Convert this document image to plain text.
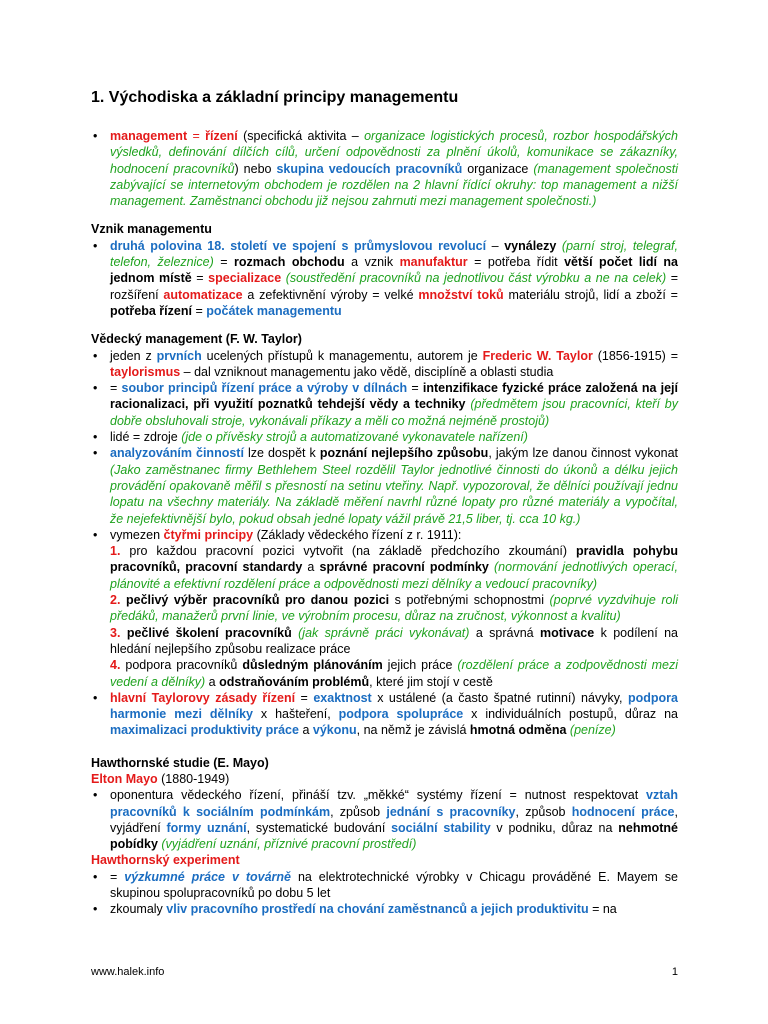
1. Východiska a základní principy managementu
• management = řízení (specifická aktivita – organizace logistických procesů, rozbor hospodářských výsledků, definování dílčích cílů, určení odpovědnosti za plnění úkolů, komunikace se zákazníky, hodnocení pracovníků) nebo skupina vedoucích pracovníků organizace (management společnosti zabývající se internetovým obchodem je rozdělen na 2 hlavní řídící okruhy: top management a nižší management. Zaměstnanci obchodu již nejsou zahrnuti mezi management společnosti.)

Vznik managementu

• druhá polovina 18. století ve spojení s průmyslovou revolucí – vynálezy (parní stroj, telegraf, telefon, železnice) = rozmach obchodu a vznik manufaktur = potřeba řídit větší počet lidí na jednom místě = specializace (soustředění pracovníků na jednotlivou část výrobku a ne na celek) = rozšíření automatizace a zefektivnění výroby = velké množství toků materiálu strojů, lidí a zboží = potřeba řízení = počátek managementu

Vědecký management (F. W. Taylor)

• jeden z prvních ucelených přístupů k managementu, autorem je Frederic W. Taylor (1856-1915) = taylorismus – dal vzniknout managementu jako vědě, disciplíně a oblasti studia
• = soubor principů řízení práce a výroby v dílnách = intenzifikace fyzické práce založená na její racionalizaci, při využití poznatků tehdejší vědy a techniky (předmětem jsou pracovníci, kteří by dobře obsluhovali stroje, vykonávali příkazy a měli co možná nejméně prostojů)
• lidé = zdroje (jde o přívěsky strojů a automatizované vykonavatele nařízení)
• analyzováním činností lze dospět k poznání nejlepšího způsobu, jakým lze danou činnost vykonat (Jako zaměstnanec firmy Bethlehem Steel rozdělil Taylor jednotlivé činnosti do úkonů a délku jejich provádění opakovaně měřil s přesností na setinu vteřiny. Např. vypozoroval, že dělníci používají jednu lopatu na všechny materiály. Na základě měření navrhl různé lopaty pro různé materiály a vypočítal, že nejefektivnější bylo, pokud obsah jedné lopaty vážil právě 21,5 liber, tj. cca 10 kg.)
• vymezen čtyřmi principy (Základy vědeckého řízení z r. 1911):
1. pro každou pracovní pozici vytvořit (na základě předchozího zkoumání) pravidla pohybu pracovníků, pracovní standardy a správné pracovní podmínky (normování jednotlivých operací, plánovité a efektivní rozdělení práce a odpovědnosti mezi dělníky a vedoucí pracovníky)
2. pečlivý výběr pracovníků pro danou pozici s potřebnými schopnostmi (poprvé vyzdvihuje roli předáků, manažerů první linie, ve výrobním procesu, důraz na zručnost, výkonnost a kvalitu)
3. pečlivé školení pracovníků (jak správně práci vykonávat) a správná motivace k podílení na hledání nejlepšího způsobu realizace práce
4. podpora pracovníků důsledným plánováním jejich práce (rozdělení práce a zodpovědnosti mezi vedení a dělníky) a odstraňováním problémů, které jim stojí v cestě
• hlavní Taylorovy zásady řízení = exaktnost x ustálené (a často špatné rutinní) návyky, podpora harmonie mezi dělníky x hašteření, podpora spolupráce x individuálních postupů, důraz na maximalizaci produktivity práce a výkonu, na němž je závislá hmotná odměna (peníze)

Hawthornské studie (E. Mayo)

Elton Mayo (1880-1949)

• oponentura vědeckého řízení, přináší tzv. „měkké“ systémy řízení = nutnost respektovat vztah pracovníků k sociálním podmínkám, způsob jednání s pracovníky, způsob hodnocení práce, vyjádření formy uznání, systematické budování sociální stability v podniku, důraz na nehmotné pobídky (vyjádření uznání, příznivé pracovní prostředí)

Hawthornský experiment

• = výzkumné práce v továrně na elektrotechnické výrobky v Chicagu prováděné E. Mayem se skupinou spolupracovníků po dobu 5 let
• zkoumaly vliv pracovního prostředí na chování zaměstnanců a jejich produktivitu = na
www.halek.info	1
